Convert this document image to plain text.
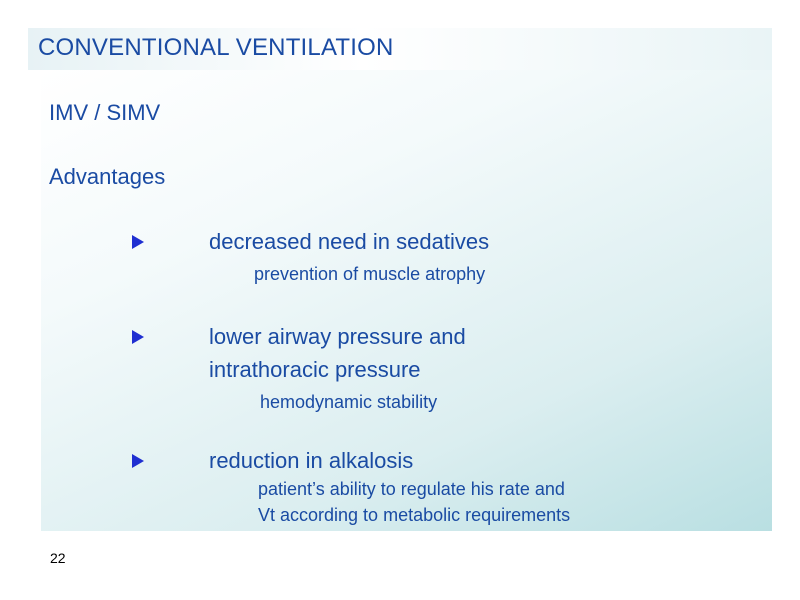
CONVENTIONAL VENTILATION
IMV / SIMV
Advantages
decreased need in sedatives
prevention of muscle atrophy
lower airway pressure and
intrathoracic pressure
hemodynamic stability
reduction in alkalosis
patient’s ability to regulate his rate and
Vt according to metabolic requirements
22
